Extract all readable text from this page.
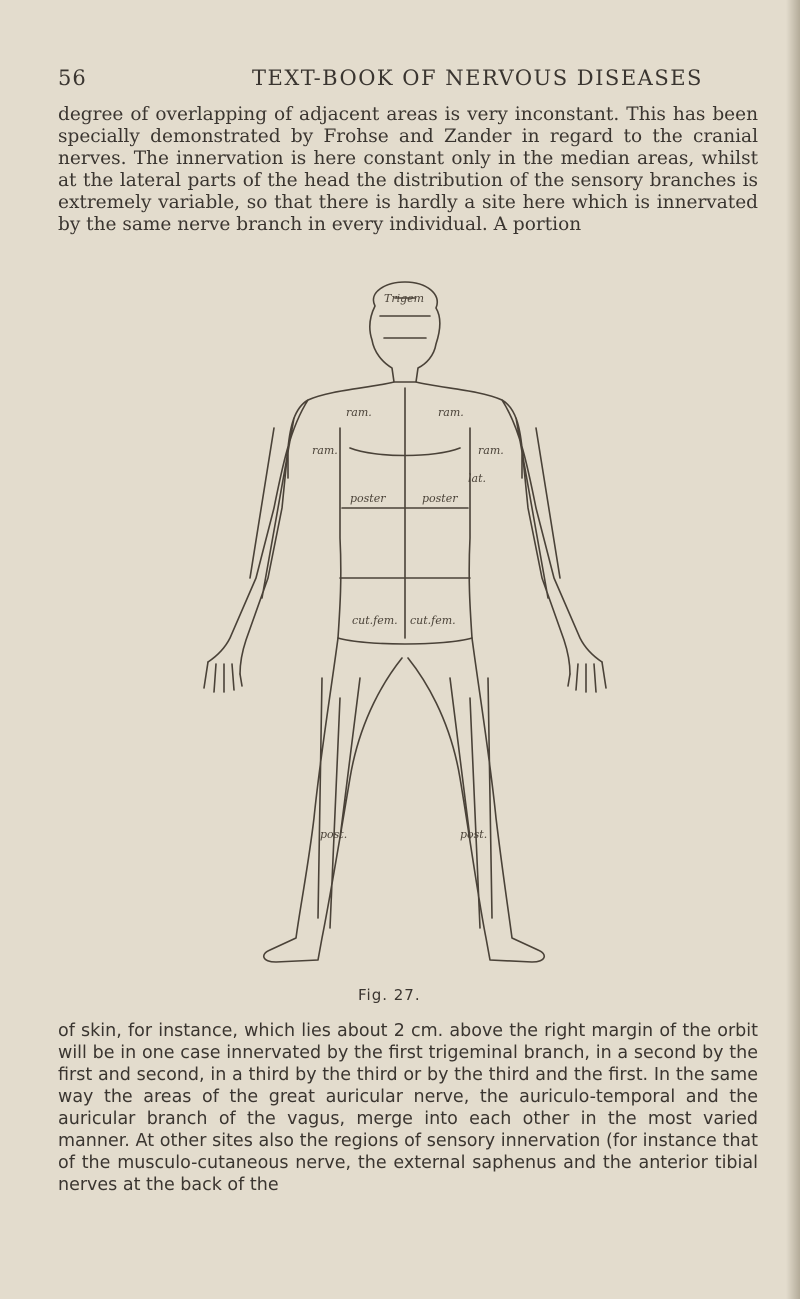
56	TEXT-BOOK OF NERVOUS DISEASES

degree of overlapping of adjacent areas is very inconstant. This has been specially demonstrated by Frohse and Zander in regard to the cranial nerves. The innervation is here constant only in the median areas, whilst at the lateral parts of the head the distribution of the sensory branches is extremely variable, so that there is hardly a site here which is innervated by the same nerve branch in every individual. A portion

Trigem
ram.	ram.
ram.	ram.
poster	poster
lat.
cut.fem. cut.fem.
post.	post.
Fig. 27.

of skin, for instance, which lies about 2 cm. above the right margin of the orbit will be in one case innervated by the first trigeminal branch, in a second by the first and second, in a third by the third or by the third and the first. In the same way the areas of the great auricular nerve, the auriculo-temporal and the auricular branch of the vagus, merge into each other in the most varied manner. At other sites also the regions of sensory innervation (for instance that of the musculo-cutaneous nerve, the external saphenus and the anterior tibial nerves at the back of the
